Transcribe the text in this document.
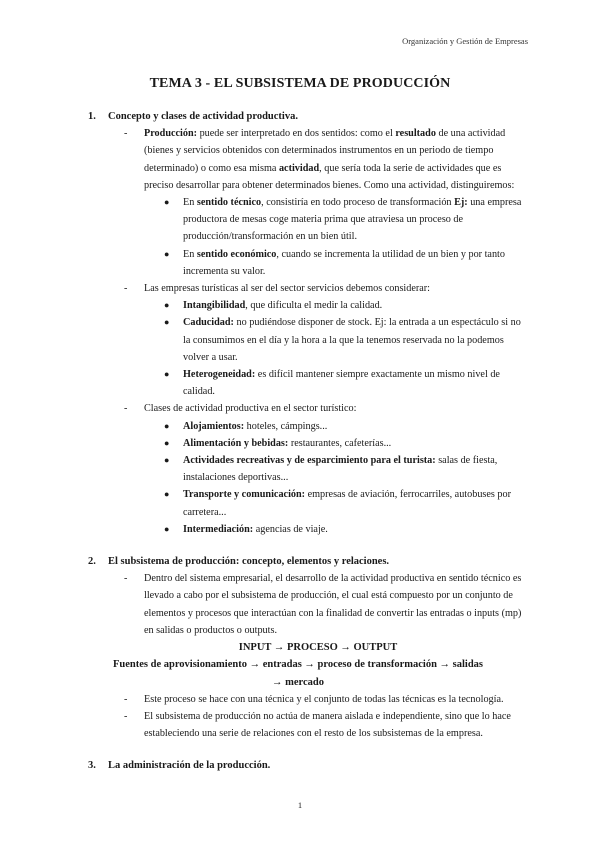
Organización y Gestión de Empresas
TEMA 3 - EL SUBSISTEMA DE PRODUCCIÓN
1. Concepto y clases de actividad productiva.
- Producción: puede ser interpretado en dos sentidos: como el resultado de una actividad (bienes y servicios obtenidos con determinados instrumentos en un periodo de tiempo determinado) o como esa misma actividad, que sería toda la serie de actividades que es preciso desarrollar para obtener determinados bienes. Como una actividad, distinguiremos:
● En sentido técnico, consistiría en todo proceso de transformación Ej: una empresa productora de mesas coge materia prima que atraviesa un proceso de producción/transformación en un bien útil.
● En sentido económico, cuando se incrementa la utilidad de un bien y por tanto incrementa su valor.
- Las empresas turísticas al ser del sector servicios debemos considerar:
● Intangibilidad, que dificulta el medir la calidad.
● Caducidad: no pudiéndose disponer de stock. Ej: la entrada a un espectáculo si no la consumimos en el día y la hora a la que la tenemos reservada no la podemos volver a usar.
● Heterogeneidad: es difícil mantener siempre exactamente un mismo nivel de calidad.
- Clases de actividad productiva en el sector turístico:
● Alojamientos: hoteles, cámpings...
● Alimentación y bebidas: restaurantes, cafeterías...
● Actividades recreativas y de esparcimiento para el turista: salas de fiesta, instalaciones deportivas...
● Transporte y comunicación: empresas de aviación, ferrocarriles, autobuses por carretera...
● Intermediación: agencias de viaje.
2. El subsistema de producción: concepto, elementos y relaciones.
- Dentro del sistema empresarial, el desarrollo de la actividad productiva en sentido técnico es llevado a cabo por el subsistema de producción, el cual está compuesto por un conjunto de elementos y procesos que interactúan con la finalidad de convertir las entradas o inputs (mp) en salidas o productos o outputs.
INPUT → PROCESO → OUTPUT
Fuentes de aprovisionamiento → entradas → proceso de transformación → salidas → mercado
- Este proceso se hace con una técnica y el conjunto de todas las técnicas es la tecnología.
- El subsistema de producción no actúa de manera aislada e independiente, sino que lo hace estableciendo una serie de relaciones con el resto de los subsistemas de la empresa.
3. La administración de la producción.
1
